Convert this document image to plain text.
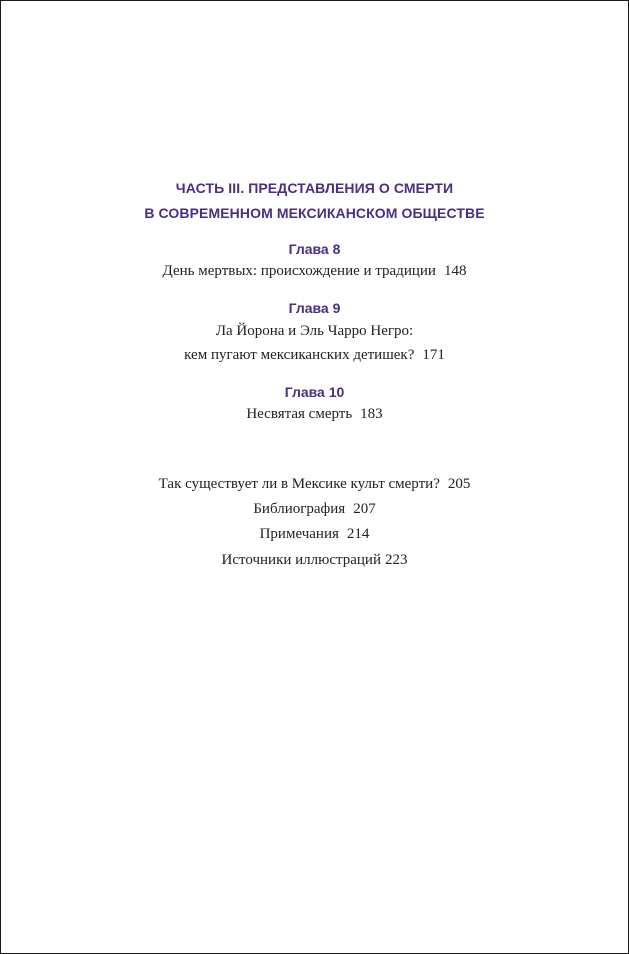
ЧАСТЬ III. ПРЕДСТАВЛЕНИЯ О СМЕРТИ
В СОВРЕМЕННОМ МЕКСИКАНСКОМ ОБЩЕСТВЕ
Глава 8
День мертвых: происхождение и традиции 148
Глава 9
Ла Йорона и Эль Чарро Негро:
кем пугают мексиканских детишек? 171
Глава 10
Несвятая смерть 183
Так существует ли в Мексике культ смерти? 205
Библиография 207
Примечания 214
Источники иллюстраций 223
